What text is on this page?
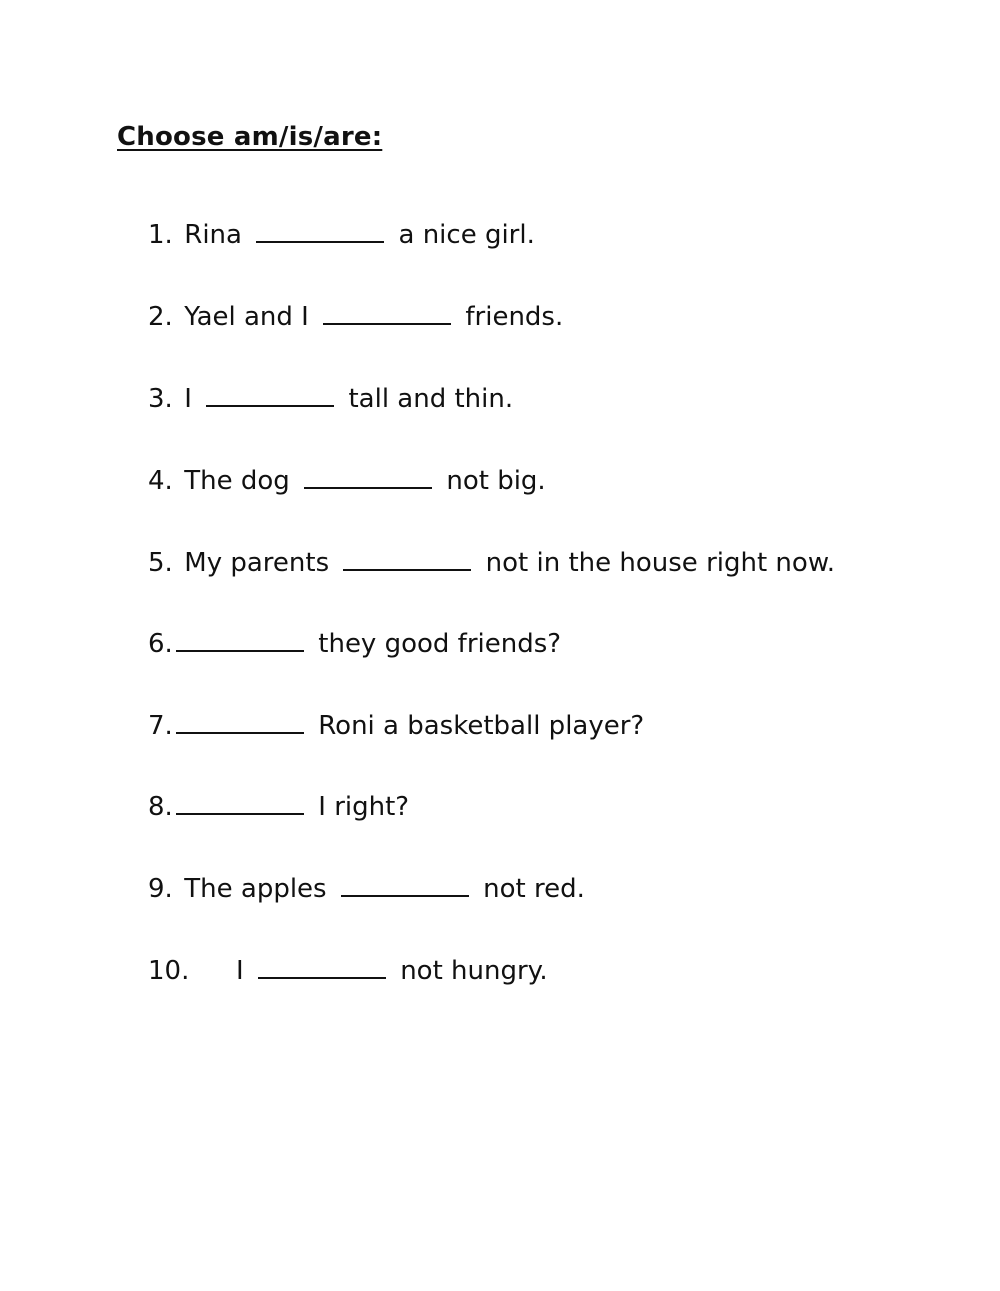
Choose am/is/are:
1. Rina	a nice girl.
2. Yael and I	friends.
3. I	tall and thin.
4. The dog	not big.
5. My parents	not in the house right now.
6.	they good friends?
7.	Roni a basketball player?
8.	I right?
9. The apples	not red.
10. I	not hungry.
